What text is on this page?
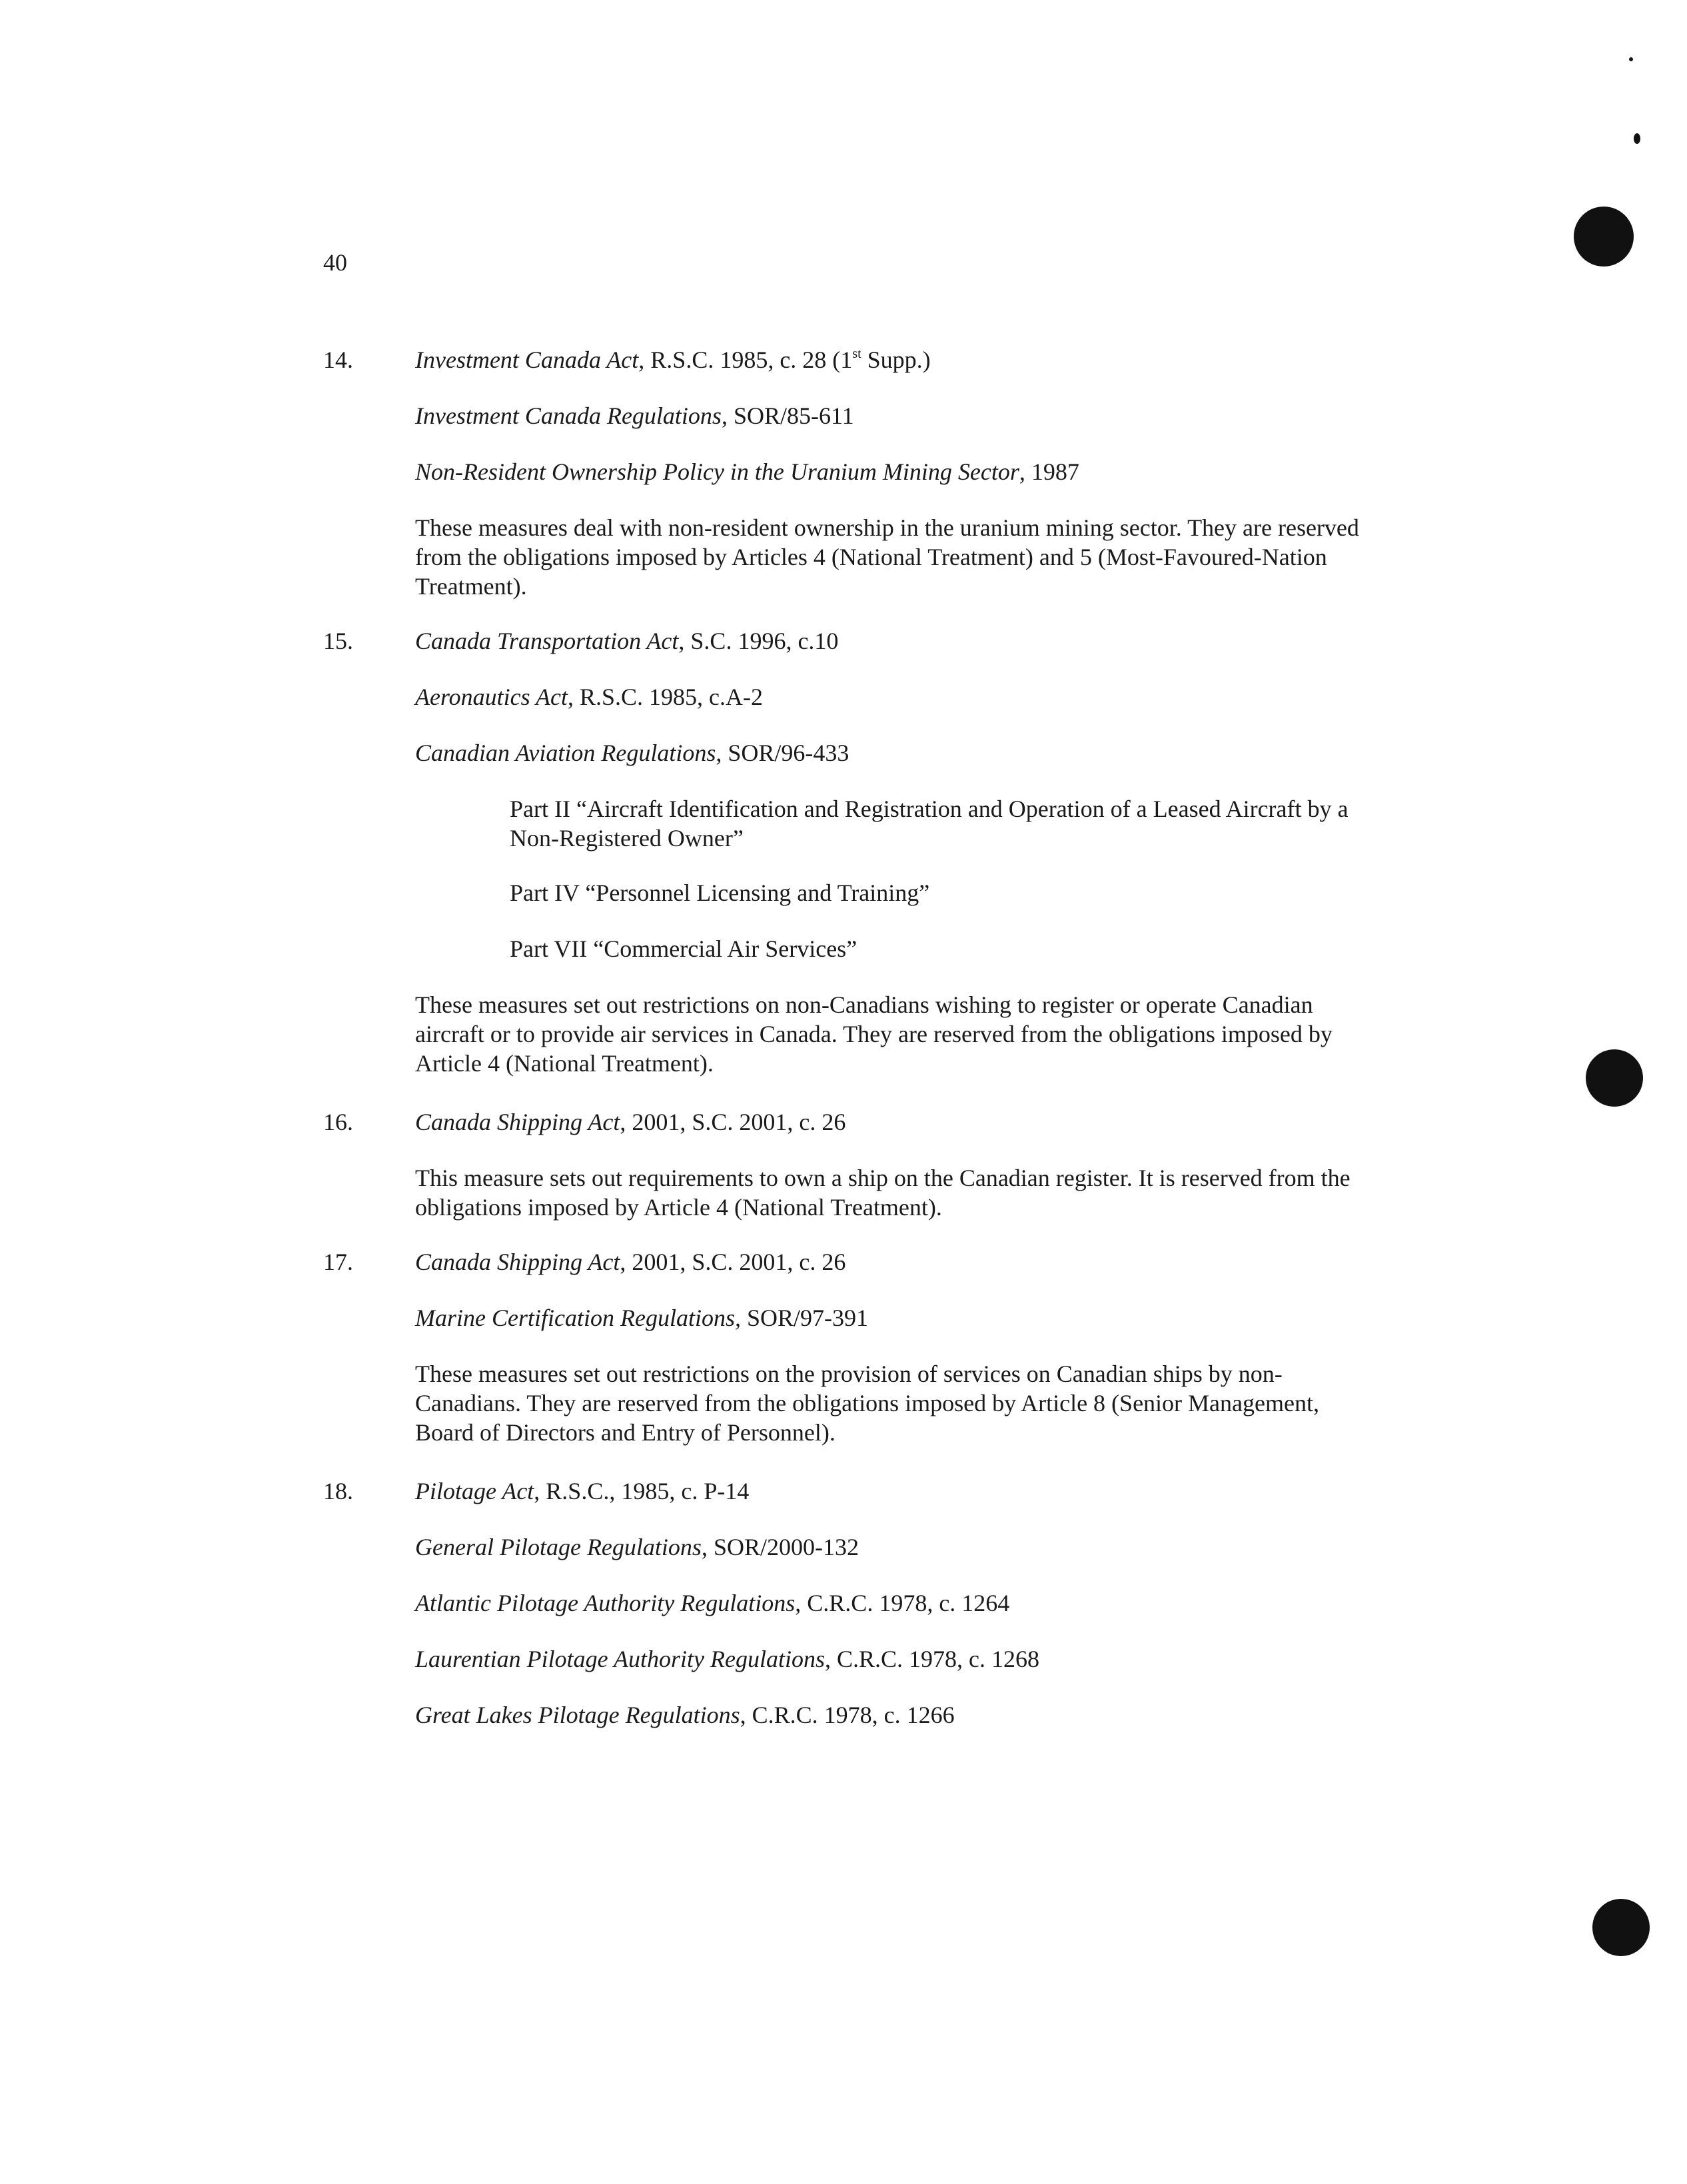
40
14.	Investment Canada Act, R.S.C. 1985, c. 28 (1st Supp.)
Investment Canada Regulations, SOR/85-611
Non-Resident Ownership Policy in the Uranium Mining Sector, 1987
These measures deal with non-resident ownership in the uranium mining sector. They are reserved from the obligations imposed by Articles 4 (National Treatment) and 5 (Most-Favoured-Nation Treatment).
15.	Canada Transportation Act, S.C. 1996, c.10
Aeronautics Act, R.S.C. 1985, c.A-2
Canadian Aviation Regulations, SOR/96-433
Part II “Aircraft Identification and Registration and Operation of a Leased Aircraft by a Non-Registered Owner”
Part IV “Personnel Licensing and Training”
Part VII “Commercial Air Services”
These measures set out restrictions on non-Canadians wishing to register or operate Canadian aircraft or to provide air services in Canada. They are reserved from the obligations imposed by Article 4 (National Treatment).
16.	Canada Shipping Act, 2001, S.C. 2001, c. 26
This measure sets out requirements to own a ship on the Canadian register. It is reserved from the obligations imposed by Article 4 (National Treatment).
17.	Canada Shipping Act, 2001, S.C. 2001, c. 26
Marine Certification Regulations, SOR/97-391
These measures set out restrictions on the provision of services on Canadian ships by non-Canadians. They are reserved from the obligations imposed by Article 8 (Senior Management, Board of Directors and Entry of Personnel).
18.	Pilotage Act, R.S.C., 1985, c. P-14
General Pilotage Regulations, SOR/2000-132
Atlantic Pilotage Authority Regulations, C.R.C. 1978, c. 1264
Laurentian Pilotage Authority Regulations, C.R.C. 1978, c. 1268
Great Lakes Pilotage Regulations, C.R.C. 1978, c. 1266
